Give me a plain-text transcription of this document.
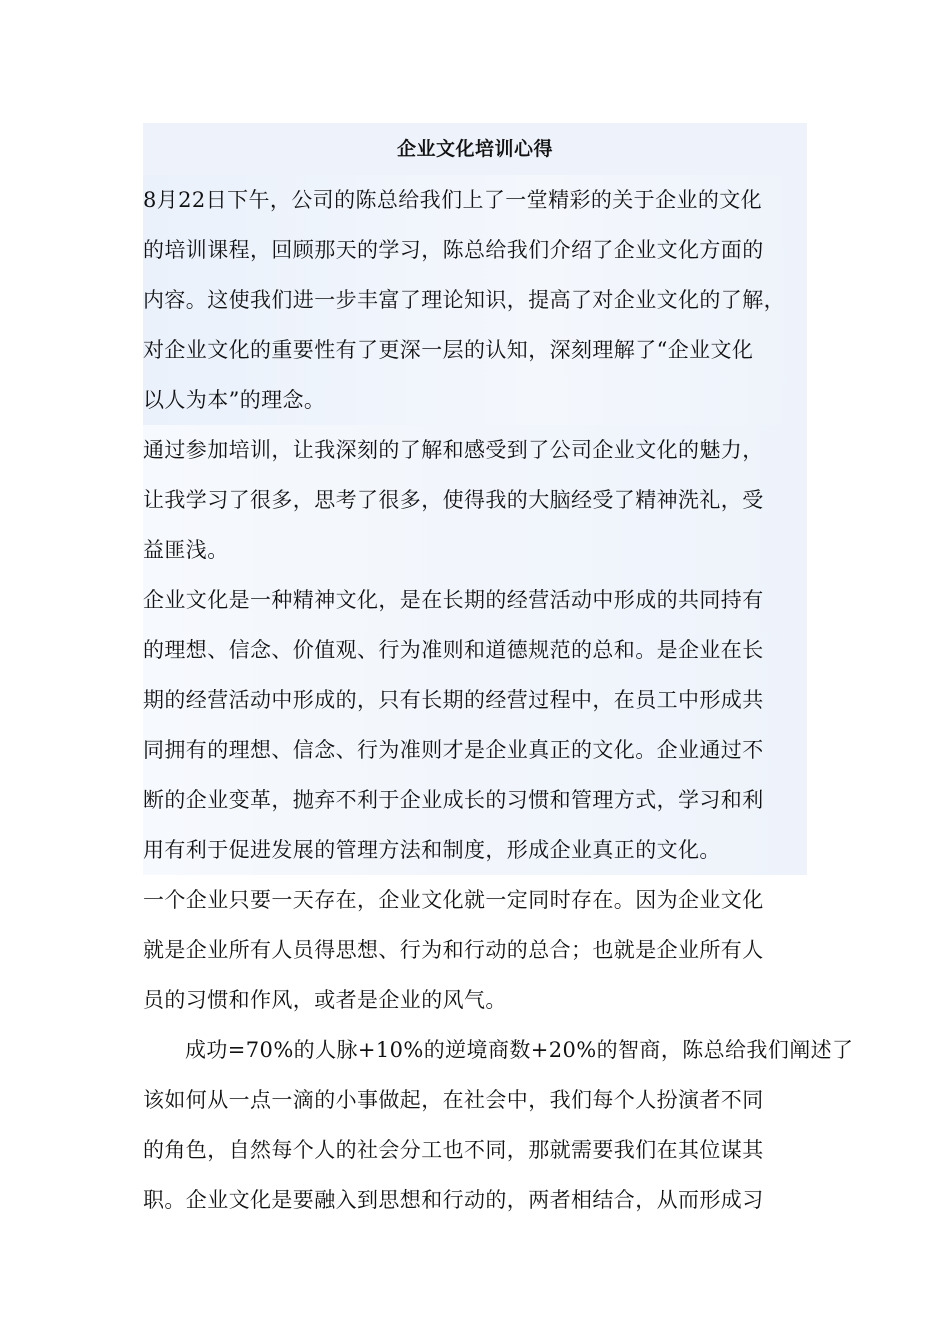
企业文化培训心得
8月22日下午，公司的陈总给我们上了一堂精彩的关于企业的文化
的培训课程，回顾那天的学习，陈总给我们介绍了企业文化方面的
内容。这使我们进一步丰富了理论知识，提高了对企业文化的了解，
对企业文化的重要性有了更深一层的认知，深刻理解了“企业文化
以人为本”的理念。
通过参加培训，让我深刻的了解和感受到了公司企业文化的魅力，
让我学习了很多，思考了很多，使得我的大脑经受了精神洗礼，受
益匪浅。
企业文化是一种精神文化，是在长期的经营活动中形成的共同持有
的理想、信念、价值观、行为准则和道德规范的总和。是企业在长
期的经营活动中形成的，只有长期的经营过程中，在员工中形成共
同拥有的理想、信念、行为准则才是企业真正的文化。企业通过不
断的企业变革，抛弃不利于企业成长的习惯和管理方式，学习和利
用有利于促进发展的管理方法和制度，形成企业真正的文化。
一个企业只要一天存在，企业文化就一定同时存在。因为企业文化
就是企业所有人员得思想、行为和行动的总合；也就是企业所有人
员的习惯和作风，或者是企业的风气。
成功=70%的人脉+10%的逆境商数+20%的智商，陈总给我们阐述了
该如何从一点一滴的小事做起，在社会中，我们每个人扮演者不同
的角色，自然每个人的社会分工也不同，那就需要我们在其位谋其
职。企业文化是要融入到思想和行动的，两者相结合，从而形成习
